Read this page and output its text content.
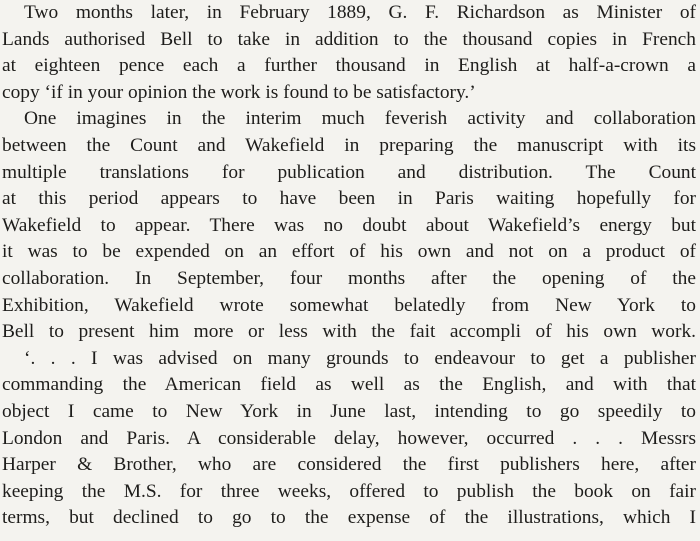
Two months later, in February 1889, G. F. Richardson as Minister of
Lands authorised Bell to take in addition to the thousand copies in French
at eighteen pence each a further thousand in English at half-a-crown a
copy ‘if in your opinion the work is found to be satisfactory.’
One imagines in the interim much feverish activity and collaboration
between the Count and Wakefield in preparing the manuscript with its
multiple translations for publication and distribution. The Count
at this period appears to have been in Paris waiting hopefully for
Wakefield to appear. There was no doubt about Wakefield’s energy but
it was to be expended on an effort of his own and not on a product of
collaboration. In September, four months after the opening of the
Exhibition, Wakefield wrote somewhat belatedly from New York to
Bell to present him more or less with the fait accompli of his own work.
‘. . . I was advised on many grounds to endeavour to get a publisher
commanding the American field as well as the English, and with that
object I came to New York in June last, intending to go speedily to
London and Paris. A considerable delay, however, occurred . . . Messrs
Harper & Brother, who are considered the first publishers here, after
keeping the M.S. for three weeks, offered to publish the book on fair
terms, but declined to go to the expense of the illustrations, which I
